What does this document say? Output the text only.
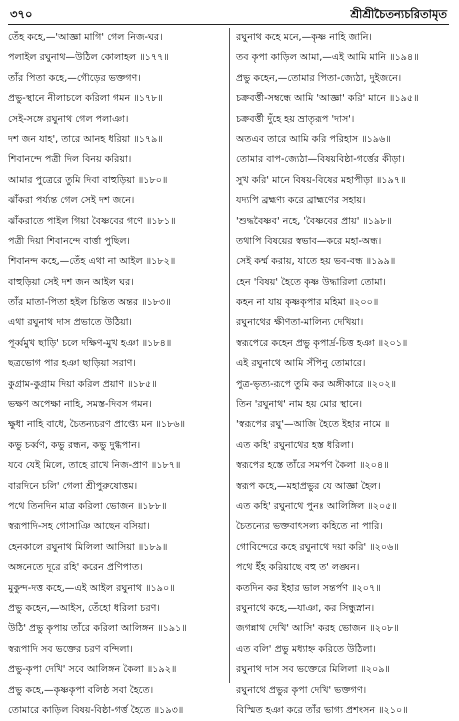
৩৭০	শ্রীশ্রীচৈতন্যচরিতামৃত
তেঁহ কহে,—'আজ্ঞা মাগি' গেল নিজ-ঘর।
পলাইল রঘুনাথ—উঠিল কোলাহল ॥১৭৭॥
তাঁর পিতা কহে,—গৌড়ের ভক্তগণ।
প্রভু-স্থানে নীলাচলে করিলা গমন ॥১৭৮॥
সেই-সঙ্গে রঘুনাথ গেল পলাঞা।
দশ জন যাহ', তারে আনহ ধরিয়া ॥১৭৯॥
শিবানন্দে পত্রী দিল বিনয় করিয়া।
আমার পুত্রেরে তুমি দিবা বাহুড়িয়া ॥১৮০॥
ঝাঁকরা পর্য্যন্ত গেল সেই দশ জনে।
ঝাঁকরাতে পাইল গিয়া বৈষ্ণবের গণে ॥১৮১॥
পত্রী দিয়া শিবানন্দে বার্ত্তা পুছিল।
শিবানন্দ কহে,—তেঁহ এথা না আইল ॥১৮২॥
বাহুড়িয়া সেই দশ জন আইল ঘর।
তাঁর মাতা-পিতা হইল চিন্তিত অন্তর ॥১৮৩॥
এথা রঘুনাথ দাস প্রভাতে উঠিয়া।
পূর্ব্বমুখ ছাড়ি' চলে দক্ষিণ-মুখ হঞা ॥১৮৪॥
ছত্রভোগ পার হঞা ছাড়িয়া সরাণ।
কুগ্রাম-কুগ্রাম দিয়া করিল প্রয়াণ ॥১৮৫॥
ভক্ষণ অপেক্ষা নাহি, সমস্ত-দিবস গমন।
ক্ষুধা নাহি বাধে, চৈতন্যচরণ প্রাপ্ত্যে মন ॥১৮৬॥
কভু চর্ব্বণ, কভু রন্ধন, কভু দুগ্ধপান।
যবে যেই মিলে, তাহে রাখে নিজ-প্রাণ ॥১৮৭॥
বারদিনে চলি' গেলা শ্রীপুরুষোত্তম।
পথে তিনদিন মাত্র করিলা ভোজন ॥১৮৮॥
স্বরূপাদি-সহ গোসাঞি আছেন বসিয়া।
হেনকালে রঘুনাথ মিলিলা আসিয়া ॥১৮৯॥
অঙ্গনেতে দূরে রহি' করেন প্রণিপাত।
মুকুন্দ-দত্ত কহে,—এই আইল রঘুনাথ ॥১৯০॥
প্রভু কহেন,—আইস, তেঁহো ধরিলা চরণ।
উঠি' প্রভু কৃপায় তাঁরে করিলা আলিঙ্গন ॥১৯১॥
স্বরূপাদি সব ভক্তের চরণ বন্দিলা।
প্রভু-কৃপা দেখি' সবে আলিঙ্গন কৈলা ॥১৯২॥
প্রভু কহে,—কৃষ্ণকৃপা বলিষ্ঠ সবা হৈতে।
তোমারে কাড়িল বিষয়-বিষ্ঠা-গর্ত্ত হৈতে ॥১৯৩॥
রঘুনাথ কহে মনে,—কৃষ্ণ নাহি জানি।
তব কৃপা কাড়িল আমা,—এই আমি মানি ॥১৯৪॥
প্রভু কহেন,—তোমার পিতা-জ্যেঠা, দুইজনে।
চক্রবর্ত্তী-সম্বন্ধে আমি 'আজ্ঞা' করি' মানে ॥১৯৫॥
চক্রবর্ত্তী দুঁহে হয় ভ্রাতৃরূপ 'দাস'।
অতএব তারে আমি করি পরিহাস ॥১৯৬॥
তোমার বাপ-জ্যেঠা—বিষয়বিষ্ঠা-গর্ত্তের কীড়া।
সুখ করি' মানে বিষয়-বিষের মহাপীড়া ॥১৯৭॥
যদ্যপি ব্রহ্মণ্য করে ব্রাহ্মণের সহায়।
'শুদ্ধবৈষ্ণব' নহে, 'বৈষ্ণবের প্রায়' ॥১৯৮॥
তথাপি বিষয়ের স্বভাব—করে মহা-অন্ধ।
সেই কর্ম্ম করায়, যাতে হয় ভব-বন্ধ ॥১৯৯॥
হেন 'বিষয়' হৈতে কৃষ্ণ উদ্ধারিলা তোমা।
কহন না যায় কৃষ্ণকৃপার মহিমা ॥২০০॥
রঘুনাথের ক্ষীণতা-মালিন্য দেখিয়া।
স্বরূপেরে কহেন প্রভু কৃপার্দ্র-চিত্ত হঞা ॥২০১॥
এই রঘুনাথে আমি সঁপিনু তোমারে।
পুত্র-ভৃত্য-রূপে তুমি কর অঙ্গীকারে ॥২০২॥
তিন 'রঘুনাথ' নাম হয় মোর স্থানে।
'স্বরূপের রঘু'—আজি হৈতে ইহার নামে ॥
এত কহি' রঘুনাথের হস্ত ধরিলা।
স্বরূপের হস্তে তাঁরে সমর্পণ কৈলা ॥২০৪॥
স্বরূপ কহে,—মহাপ্রভুর যে আজ্ঞা হৈল।
এত কহি' রঘুনাথে পুনঃ আলিঙ্গিল ॥২০৫॥
চৈতন্যের ভক্তবাৎসল্য কহিতে না পারি।
গোবিন্দেরে কহে রঘুনাথে দয়া করি' ॥২০৬॥
পথে ইঁহ করিয়াছে বহু ত' লঙ্ঘন।
কতদিন কর ইহার ভাল সন্তর্পণ ॥২০৭॥
রঘুনাথে কহে,—যাঞা, কর সিন্ধুস্নান।
জগন্নাথ দেখি' আসি' করহ ভোজন ॥২০৮॥
এত বলি' প্রভু মধ্যাহ্ন করিতে উঠিলা।
রঘুনাথ দাস সব ভক্তেরে মিলিলা ॥২০৯॥
রঘুনাথে প্রভুর কৃপা দেখি' ভক্তগণ।
বিস্মিত হঞা করে তাঁর ভাগ্য প্রশংসন ॥২১০॥
